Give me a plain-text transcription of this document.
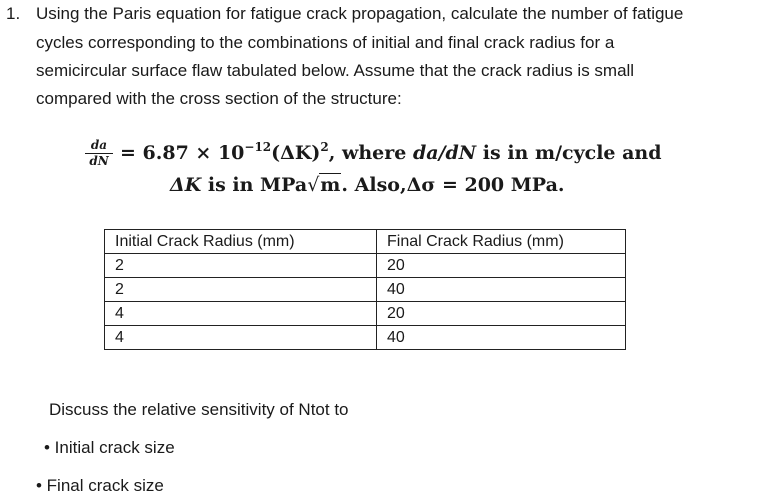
1. Using the Paris equation for fatigue crack propagation, calculate the number of fatigue
cycles corresponding to the combinations of initial and final crack radius for a
semicircular surface flaw tabulated below. Assume that the crack radius is small
compared with the cross section of the structure:
da
dN = $6.87 \times 10^{-12}(\Delta K)^2$, where da/dN is in m/cycle and
ΔK is in MPa√m. Also,Δσ = 200 MPa.
Initial Crack Radius (mm)	Final Crack Radius (mm)
2	20
2	40
4	20
4	40
Discuss the relative sensitivity of Ntot to
• Initial crack size
• Final crack size
